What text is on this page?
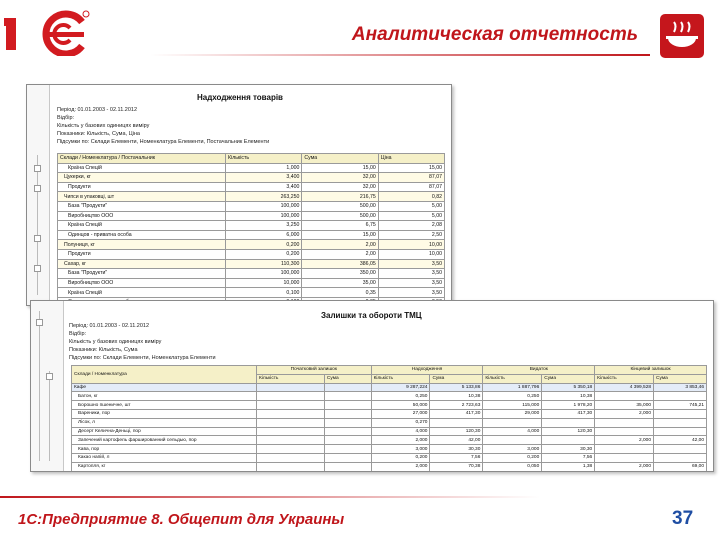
Аналитическая отчетность
Надходження товарів
Період: 01.01.2003 - 02.11.2012
Відбір:
Кількість у базових одиницях виміру
Показники: Кількість, Сума, Ціна
Підсумки по: Склади Елементи, Номенклатура Елементи, Постачальник Елементи
Склади / Номенклатура / Постачальник	Кількість	Сума	Ціна
Країна Спецій	1,000	15,00	15,00
Цукерки, кг	3,400	32,00	87,07
Продукти	3,400	32,00	87,07
Чипси в упаковці, шт	263,250	216,75	0,82
База "Продукти"	100,000	500,00	5,00
Виробництво ООО	100,000	500,00	5,00
Країна Спецій	3,250	6,75	2,08
Одинцов - приватна особа	6,000	15,00	2,50
Полуниця, кг	0,200	2,00	10,00
Продукти	0,200	2,00	10,00
Сахар, кг	110,300	386,05	3,50
База "Продукти"	100,000	350,00	3,50
Виробництво ООО	10,000	35,00	3,50
Країна Спецій	0,100	0,35	3,50

Залишки та обороти ТМЦ
Період: 01.01.2003 - 02.11.2012
Відбір:
Кількість у базових одиницях виміру
Показники: Кількість, Сума
Підсумки по: Склади Елементи, Номенклатура Елементи
Склади / Номенклатура	Початковий залишок		Надходження		Видаток		Кінцевий залишок	
	Кількість	Сума	Кількість	Сума	Кількість	Сума	Кількість	Сума
Кафе			9 287,224	5 133,86	1 887,796	5 350,18	4 399,528	3 853,46
Батон, кг			0,250	10,38	0,250	10,38		
Борошно пшеничне, шт			50,000	2 723,63	115,000	1 978,20	35,000	745,21
Вареники, пор			27,000	417,30	29,000	417,30	2,000	
Лісок, л			0,270					
Десерт Келична-Деньці, пор			4,000	120,30	4,000	120,30		
Запечений картофель фаршированний сельдью, пор			2,000	42,00			2,000	42,00
Кава, пор			3,000	30,30	3,000	30,30		
Какао напій, л			0,200	7,56	0,200	7,56		
Картопля, кг			2,000	70,38	0,050	1,38	2,000	69,00

1С:Предприятие 8. Общепит для Украины	37
